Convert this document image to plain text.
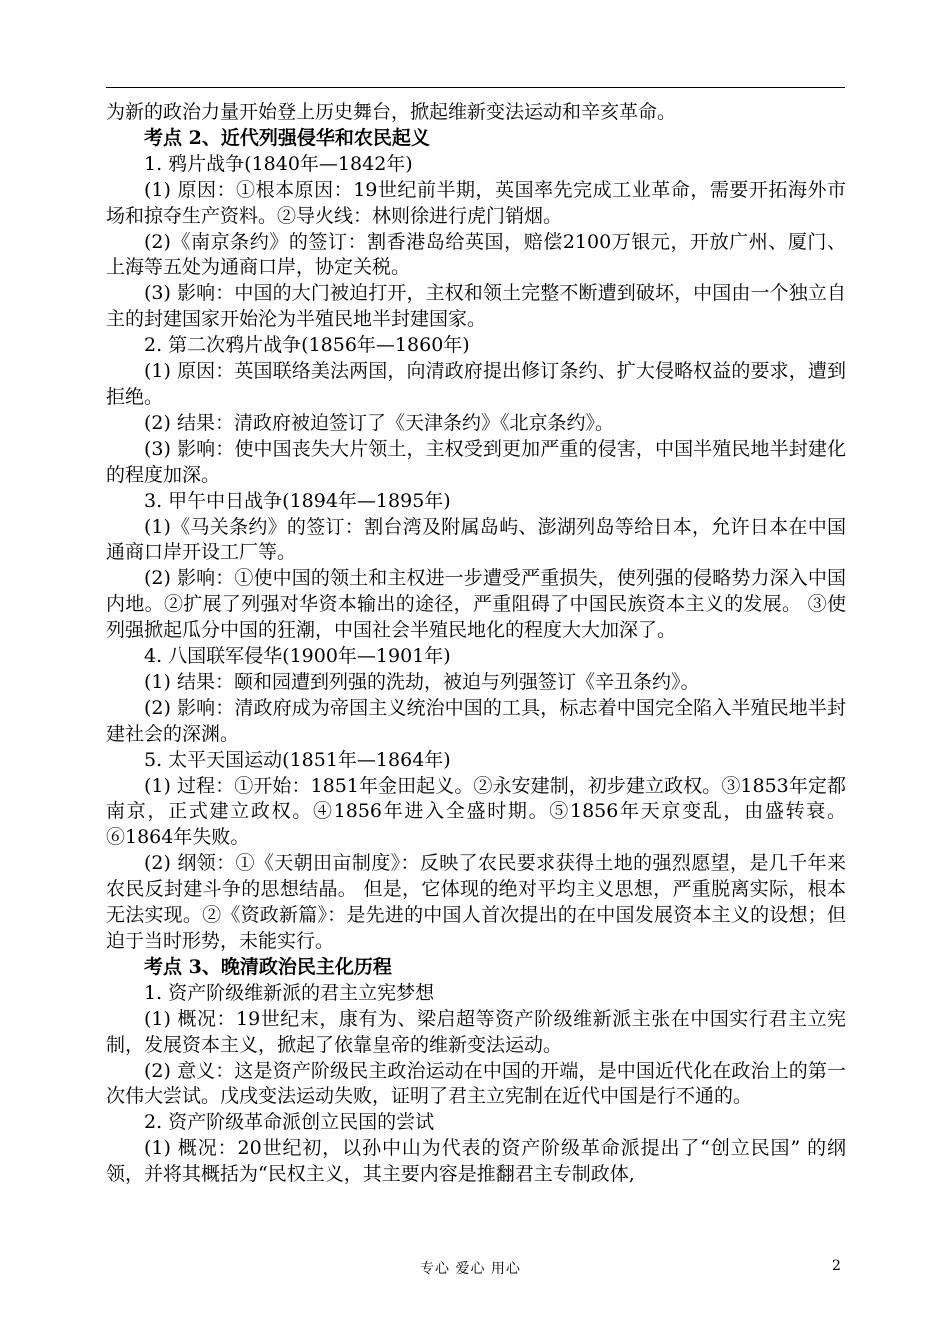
为新的政治力量开始登上历史舞台，掀起维新变法运动和辛亥革命。

考点 2、近代列强侵华和农民起义

1. 鸦片战争(1840年—1842年)

(1) 原因：①根本原因：19世纪前半期，英国率先完成工业革命，需要开拓海外市场和掠夺生产资料。②导火线：林则徐进行虎门销烟。

(2)《南京条约》的签订：割香港岛给英国，赔偿2100万银元，开放广州、厦门、上海等五处为通商口岸，协定关税。

(3) 影响：中国的大门被迫打开，主权和领土完整不断遭到破坏，中国由一个独立自主的封建国家开始沦为半殖民地半封建国家。

2. 第二次鸦片战争(1856年—1860年)

(1) 原因：英国联络美法两国，向清政府提出修订条约、扩大侵略权益的要求，遭到拒绝。

(2) 结果：清政府被迫签订了《天津条约》《北京条约》。

(3) 影响：使中国丧失大片领土，主权受到更加严重的侵害，中国半殖民地半封建化的程度加深。

3. 甲午中日战争(1894年—1895年)

(1)《马关条约》的签订：割台湾及附属岛屿、澎湖列岛等给日本，允许日本在中国通商口岸开设工厂等。

(2) 影响：①使中国的领土和主权进一步遭受严重损失，使列强的侵略势力深入中国内地。②扩展了列强对华资本输出的途径，严重阻碍了中国民族资本主义的发展。 ③使列强掀起瓜分中国的狂潮，中国社会半殖民地化的程度大大加深了。

4. 八国联军侵华(1900年—1901年)

(1) 结果：颐和园遭到列强的洗劫，被迫与列强签订《辛丑条约》。

(2) 影响：清政府成为帝国主义统治中国的工具，标志着中国完全陷入半殖民地半封建社会的深渊。

5. 太平天国运动(1851年—1864年)

(1) 过程：①开始：1851年金田起义。②永安建制，初步建立政权。③1853年定都南京，正式建立政权。④1856年进入全盛时期。⑤1856年天京变乱，由盛转衰。⑥1864年失败。

(2) 纲领：①《天朝田亩制度》：反映了农民要求获得土地的强烈愿望，是几千年来农民反封建斗争的思想结晶。 但是，它体现的绝对平均主义思想，严重脱离实际，根本无法实现。②《资政新篇》：是先进的中国人首次提出的在中国发展资本主义的设想；但迫于当时形势，未能实行。

考点 3、晚清政治民主化历程

1. 资产阶级维新派的君主立宪梦想

(1) 概况：19世纪末，康有为、梁启超等资产阶级维新派主张在中国实行君主立宪制，发展资本主义，掀起了依靠皇帝的维新变法运动。

(2) 意义：这是资产阶级民主政治运动在中国的开端，是中国近代化在政治上的第一次伟大尝试。戊戌变法运动失败，证明了君主立宪制在近代中国是行不通的。

2. 资产阶级革命派创立民国的尝试

(1) 概况：20世纪初，以孙中山为代表的资产阶级革命派提出了“创立民国” 的纲领，并将其概括为“民权主义，其主要内容是推翻君主专制政体,

专心 爱心 用心	2
